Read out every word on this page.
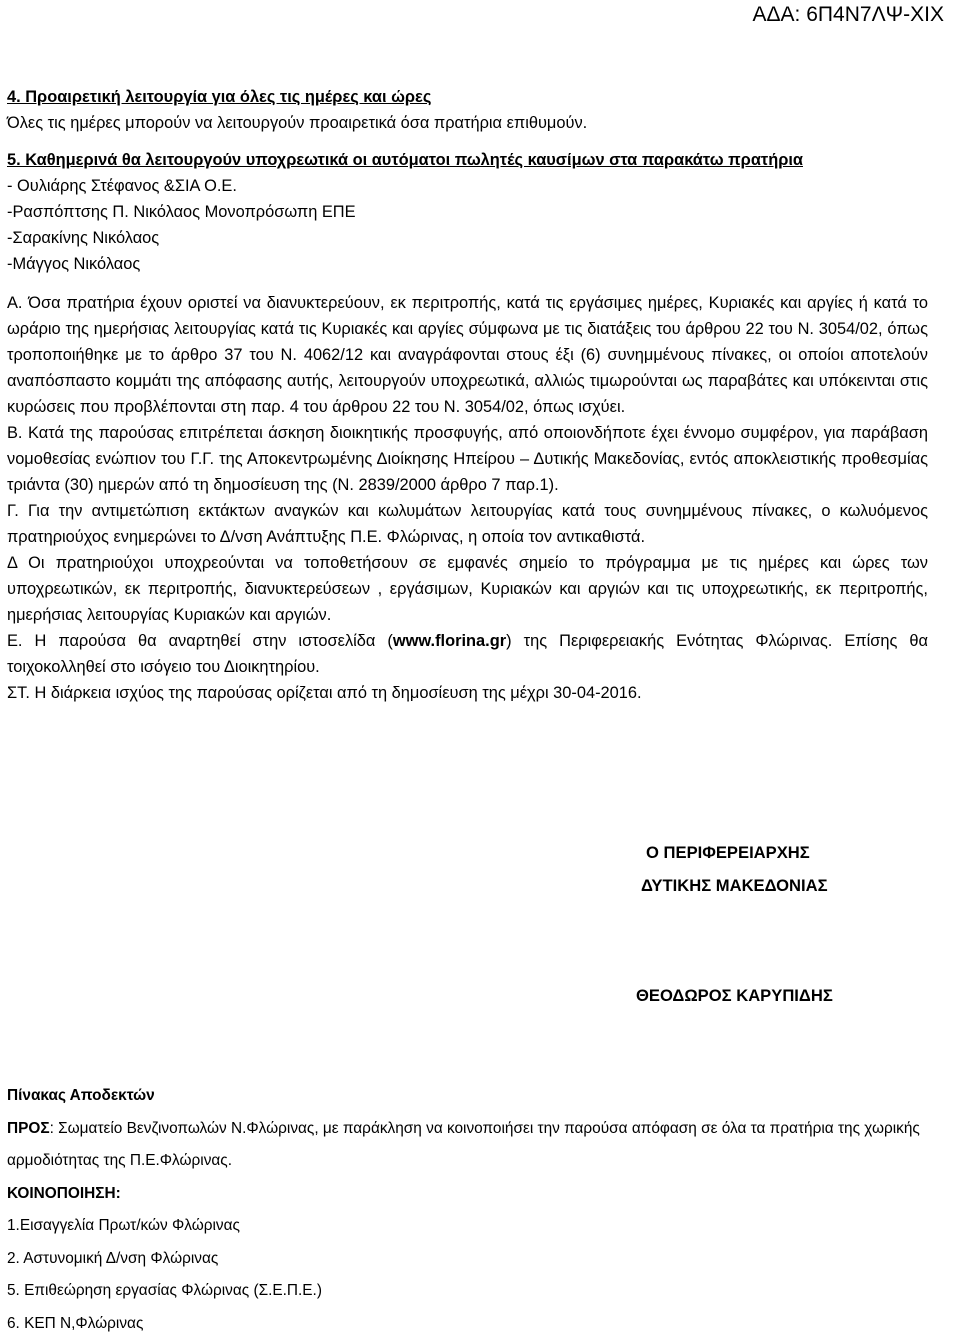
ΑΔΑ: 6Π4Ν7ΛΨ-ΧΙΧ
4. Προαιρετική λειτουργία για όλες τις ημέρες και ώρες
Όλες τις ημέρες μπορούν να λειτουργούν προαιρετικά όσα πρατήρια επιθυμούν.
5. Καθημερινά θα λειτουργούν υποχρεωτικά οι αυτόματοι πωλητές καυσίμων στα παρακάτω πρατήρια
- Ουλιάρης Στέφανος &ΣΙΑ Ο.Ε.
-Ρασπόπτσης Π. Νικόλαος Μονοπρόσωπη ΕΠΕ
-Σαρακίνης Νικόλαος
-Μάγγος Νικόλαος
Α. Όσα πρατήρια έχουν οριστεί να διανυκτερεύουν, εκ περιτροπής, κατά τις εργάσιμες ημέρες, Κυριακές και αργίες ή κατά το ωράριο της ημερήσιας λειτουργίας κατά τις Κυριακές και αργίες σύμφωνα με τις διατάξεις του άρθρου 22 του Ν. 3054/02, όπως τροποποιήθηκε με το άρθρο 37 του Ν. 4062/12 και αναγράφονται στους έξι (6) συνημμένους πίνακες, οι οποίοι αποτελούν αναπόσπαστο κομμάτι της απόφασης αυτής, λειτουργούν υποχρεωτικά, αλλιώς τιμωρούνται ως παραβάτες και υπόκεινται στις κυρώσεις που προβλέπονται στη παρ. 4 του άρθρου 22 του Ν. 3054/02, όπως ισχύει.
Β. Κατά της παρούσας επιτρέπεται άσκηση διοικητικής προσφυγής, από οποιονδήποτε έχει έννομο συμφέρον, για παράβαση νομοθεσίας ενώπιον του Γ.Γ. της Αποκεντρωμένης Διοίκησης Ηπείρου – Δυτικής Μακεδονίας, εντός αποκλειστικής προθεσμίας τριάντα (30) ημερών από τη δημοσίευση της (Ν. 2839/2000 άρθρο 7 παρ.1).
Γ. Για την αντιμετώπιση εκτάκτων αναγκών και κωλυμάτων λειτουργίας κατά τους συνημμένους πίνακες, ο κωλυόμενος πρατηριούχος ενημερώνει το Δ/νση Ανάπτυξης Π.Ε. Φλώρινας, η οποία τον αντικαθιστά.
Δ Οι πρατηριούχοι υποχρεούνται να τοποθετήσουν σε εμφανές σημείο το πρόγραμμα με τις ημέρες και ώρες των υποχρεωτικών, εκ περιτροπής, διανυκτερεύσεων , εργάσιμων, Κυριακών και αργιών και τις υποχρεωτικής, εκ περιτροπής, ημερήσιας λειτουργίας Κυριακών και αργιών.
Ε. Η παρούσα θα αναρτηθεί στην ιστοσελίδα (www.florina.gr) της Περιφερειακής Ενότητας Φλώρινας. Επίσης θα τοιχοκολληθεί στο ισόγειο του Διοικητηρίου.
ΣΤ. Η διάρκεια ισχύος της παρούσας ορίζεται από τη δημοσίευση της μέχρι 30-04-2016.
Ο ΠΕΡΙΦΕΡΕΙΑΡΧΗΣ
ΔΥΤΙΚΗΣ ΜΑΚΕΔΟΝΙΑΣ
ΘΕΟΔΩΡΟΣ ΚΑΡΥΠΙΔΗΣ
Πίνακας Αποδεκτών
ΠΡΟΣ: Σωματείο Βενζινοπωλών Ν.Φλώρινας, με παράκληση να κοινοποιήσει την παρούσα απόφαση σε όλα τα πρατήρια της χωρικής αρμοδιότητας της Π.Ε.Φλώρινας.
ΚΟΙΝΟΠΟΙΗΣΗ:
1.Εισαγγελία Πρωτ/κών Φλώρινας
2. Αστυνομική Δ/νση Φλώρινας
5. Επιθεώρηση εργασίας Φλώρινας (Σ.Ε.Π.Ε.)
6. ΚΕΠ Ν,Φλώρινας
